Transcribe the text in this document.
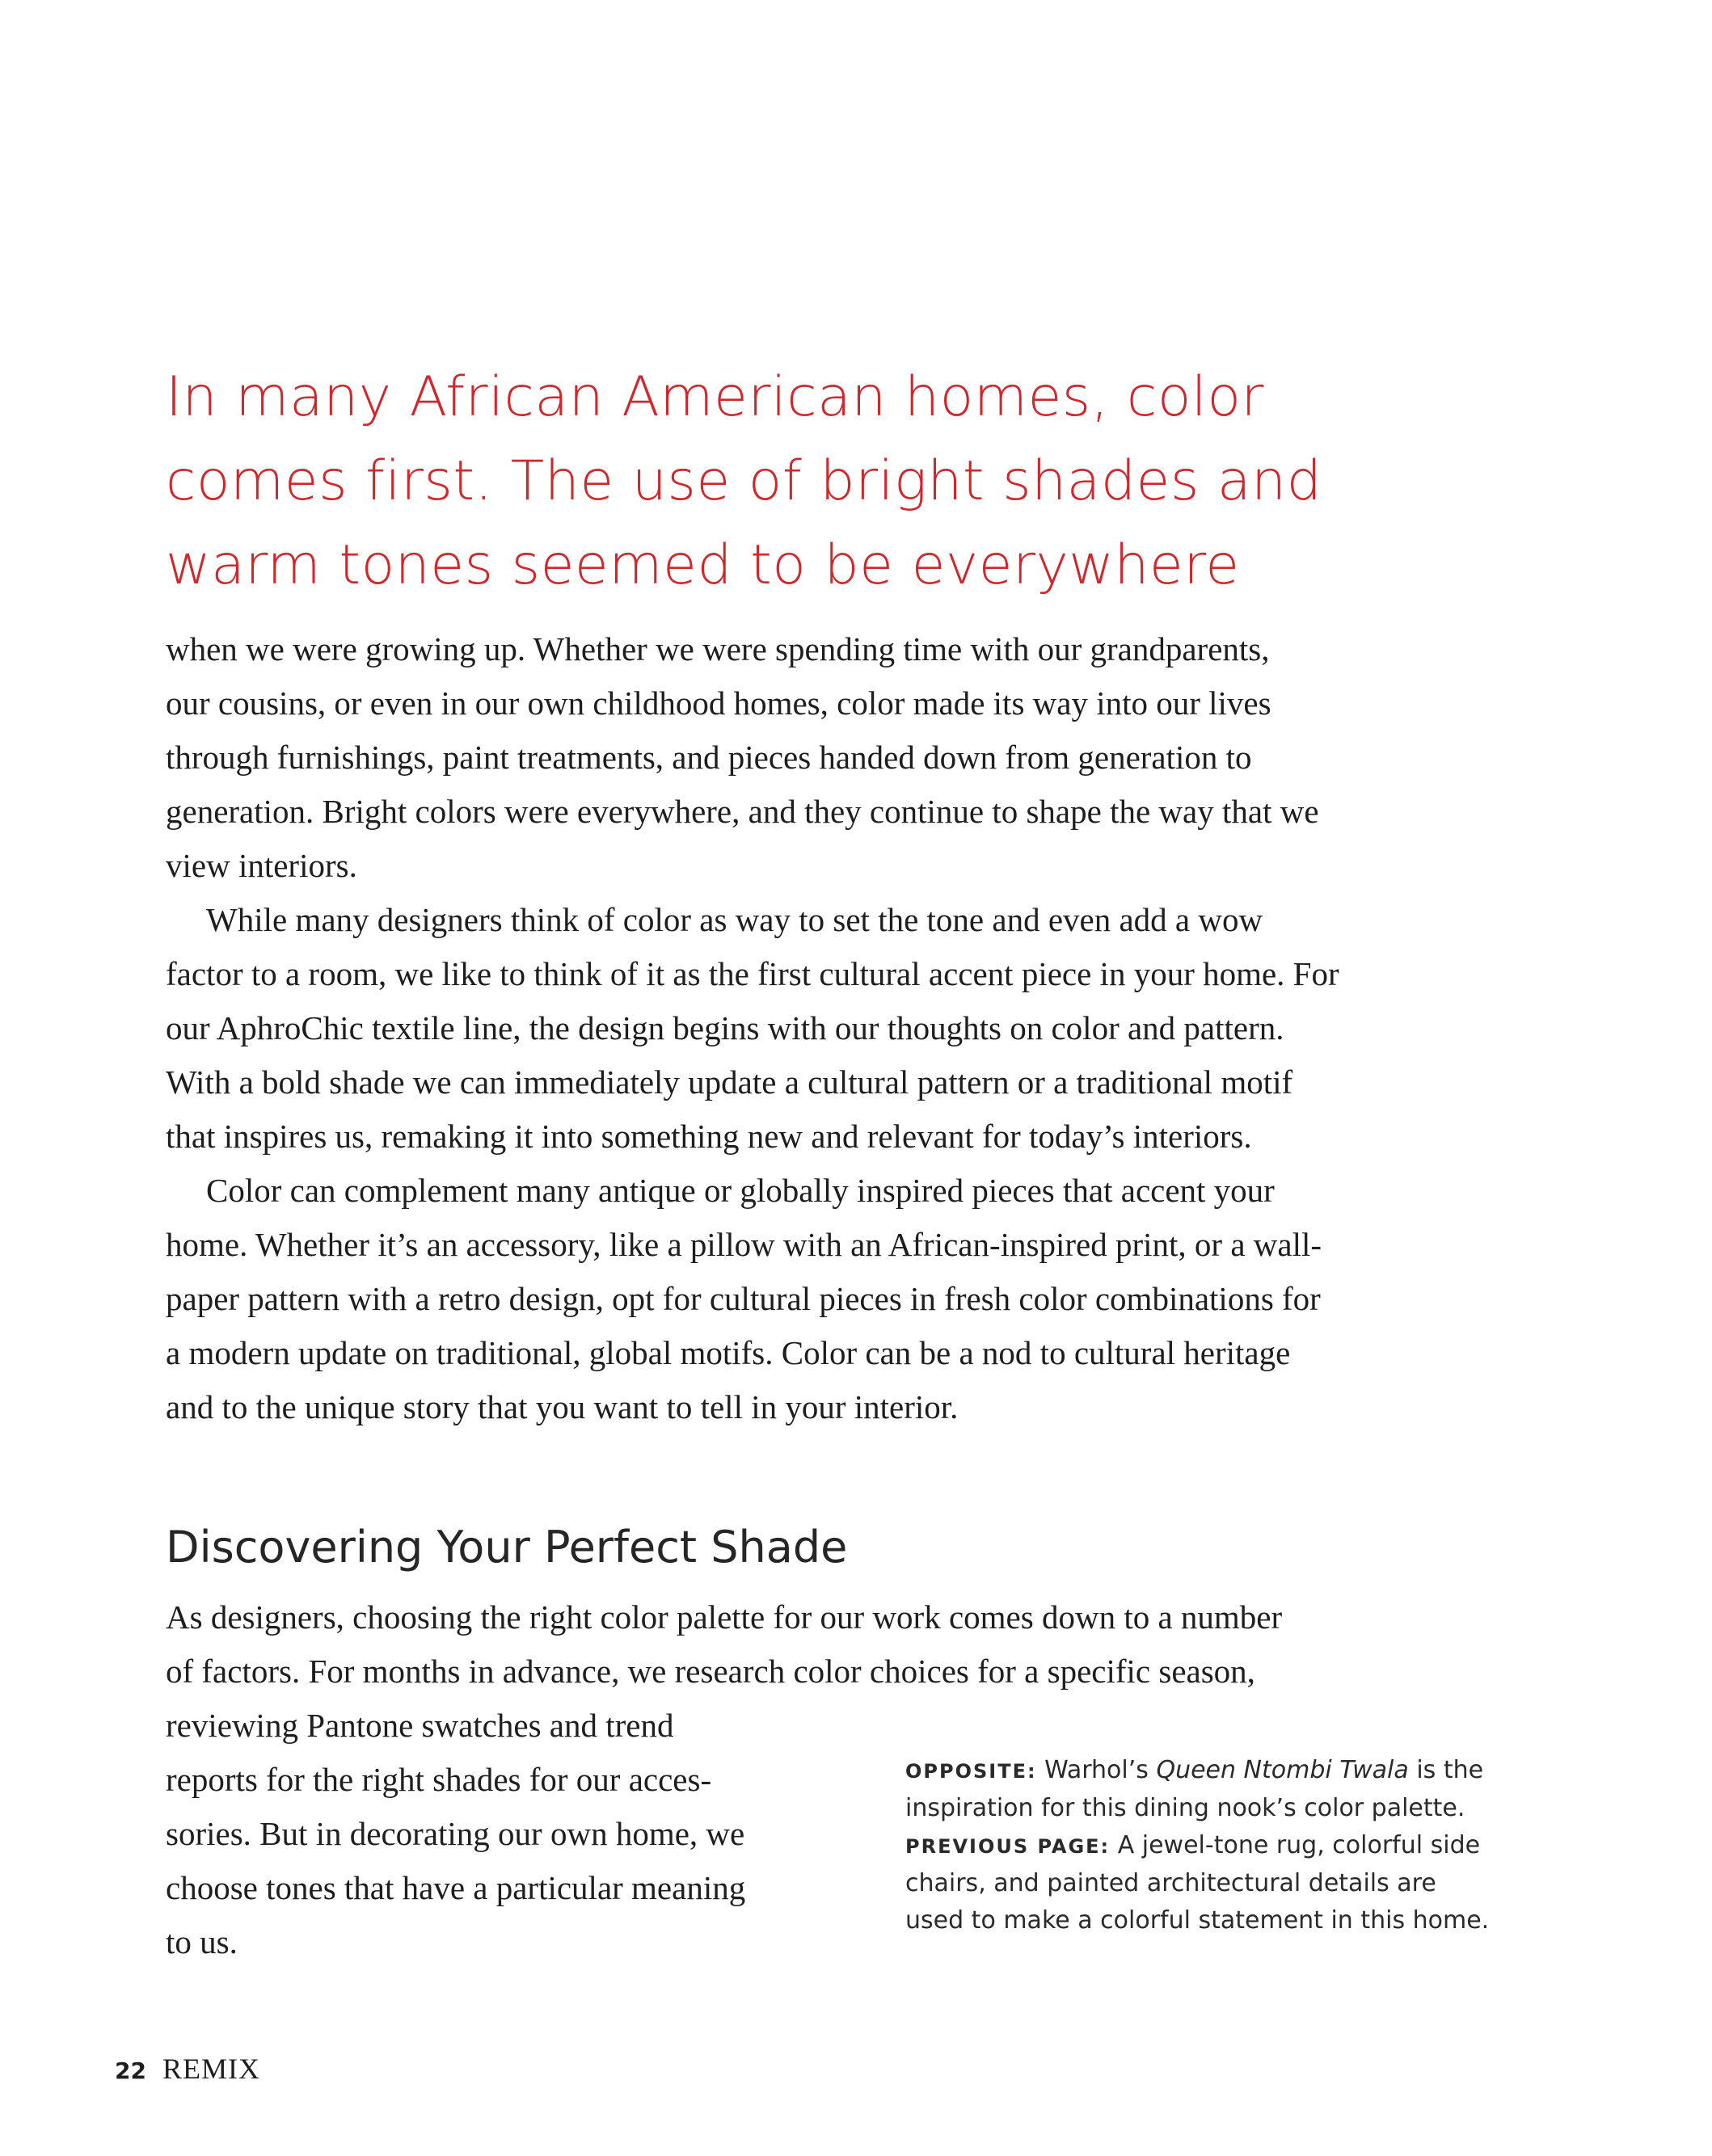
In many African American homes, color
comes first. The use of bright shades and
warm tones seemed to be everywhere

when we were growing up. Whether we were spending time with our grandparents,
our cousins, or even in our own childhood homes, color made its way into our lives
through furnishings, paint treatments, and pieces handed down from generation to
generation. Bright colors were everywhere, and they continue to shape the way that we
view interiors.

While many designers think of color as way to set the tone and even add a wow
factor to a room, we like to think of it as the first cultural accent piece in your home. For
our AphroChic textile line, the design begins with our thoughts on color and pattern.
With a bold shade we can immediately update a cultural pattern or a traditional motif
that inspires us, remaking it into something new and relevant for today’s interiors.

Color can complement many antique or globally inspired pieces that accent your
home. Whether it’s an accessory, like a pillow with an African-inspired print, or a wall-
paper pattern with a retro design, opt for cultural pieces in fresh color combinations for
a modern update on traditional, global motifs. Color can be a nod to cultural heritage
and to the unique story that you want to tell in your interior.

Discovering Your Perfect Shade
As designers, choosing the right color palette for our work comes down to a number
of factors. For months in advance, we research color choices for a specific season,
reviewing Pantone swatches and trend
reports for the right shades for our acces-
sories. But in decorating our own home, we
choose tones that have a particular meaning
to us.
OPPOSITE: Warhol’s Queen Ntombi Twala is the
inspiration for this dining nook’s color palette.
PREVIOUS PAGE: A jewel-tone rug, colorful side
chairs, and painted architectural details are
used to make a colorful statement in this home.
22 REMIX
